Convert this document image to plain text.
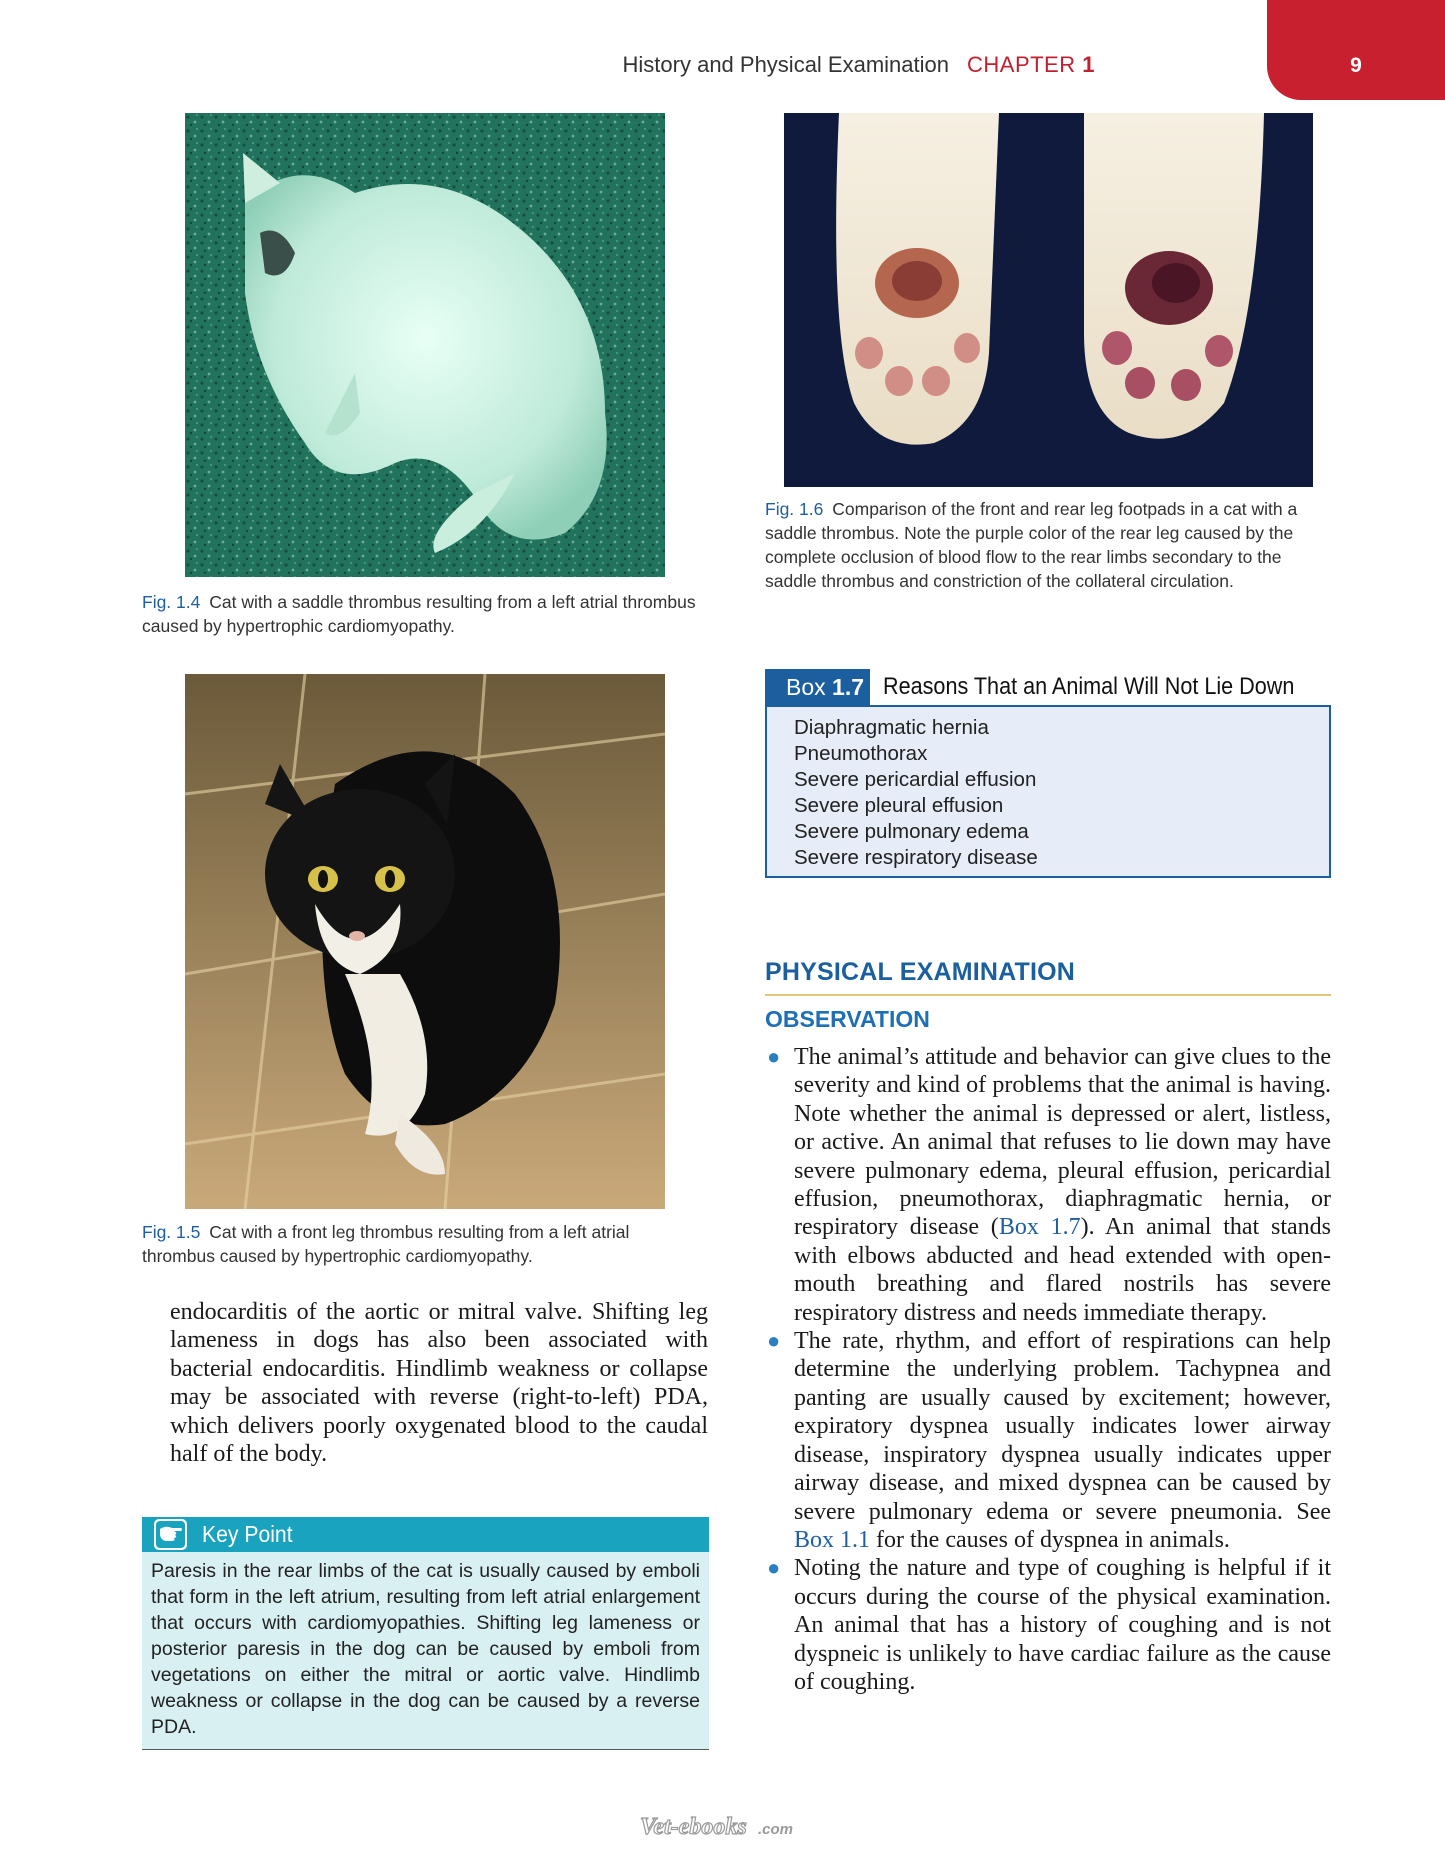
History and Physical Examination CHAPTER 1	9
Fig. 1.4 Cat with a saddle thrombus resulting from a left atrial thrombus caused by hypertrophic cardiomyopathy.
Fig. 1.6 Comparison of the front and rear leg footpads in a cat with a saddle thrombus. Note the purple color of the rear leg caused by the complete occlusion of blood flow to the rear limbs secondary to the saddle thrombus and constriction of the collateral circulation.
Box 1.7 Reasons That an Animal Will Not Lie Down
Diaphragmatic hernia
Pneumothorax
Severe pericardial effusion
Severe pleural effusion
Severe pulmonary edema
Severe respiratory disease
Fig. 1.5 Cat with a front leg thrombus resulting from a left atrial thrombus caused by hypertrophic cardiomyopathy.

endocarditis of the aortic or mitral valve. Shifting leg lameness in dogs has also been associated with bacterial endocarditis. Hindlimb weakness or collapse may be associated with reverse (right-to-left) PDA, which delivers poorly oxygenated blood to the caudal half of the body.

Key Point
Paresis in the rear limbs of the cat is usually caused by emboli that form in the left atrium, resulting from left atrial enlargement that occurs with cardiomyopathies. Shifting leg lameness or posterior paresis in the dog can be caused by emboli from vegetations on either the mitral or aortic valve. Hindlimb weakness or collapse in the dog can be caused by a reverse PDA.
PHYSICAL EXAMINATION
OBSERVATION
● The animal’s attitude and behavior can give clues to the severity and kind of problems that the animal is having. Note whether the animal is depressed or alert, listless, or active. An animal that refuses to lie down may have severe pulmonary edema, pleural effusion, pericardial effusion, pneumothorax, diaphragmatic hernia, or respiratory disease (Box 1.7). An animal that stands with elbows abducted and head extended with open-mouth breathing and flared nostrils has severe respiratory distress and needs immediate therapy.
● The rate, rhythm, and effort of respirations can help determine the underlying problem. Tachypnea and panting are usually caused by excitement; however, expiratory dyspnea usually indicates lower airway disease, inspiratory dyspnea usually indicates upper airway disease, and mixed dyspnea can be caused by severe pulmonary edema or severe pneumonia. See Box 1.1 for the causes of dyspnea in animals.
● Noting the nature and type of coughing is helpful if it occurs during the course of the physical examination. An animal that has a history of coughing and is not dyspneic is unlikely to have cardiac failure as the cause of coughing.
Vet-ebooks .com
